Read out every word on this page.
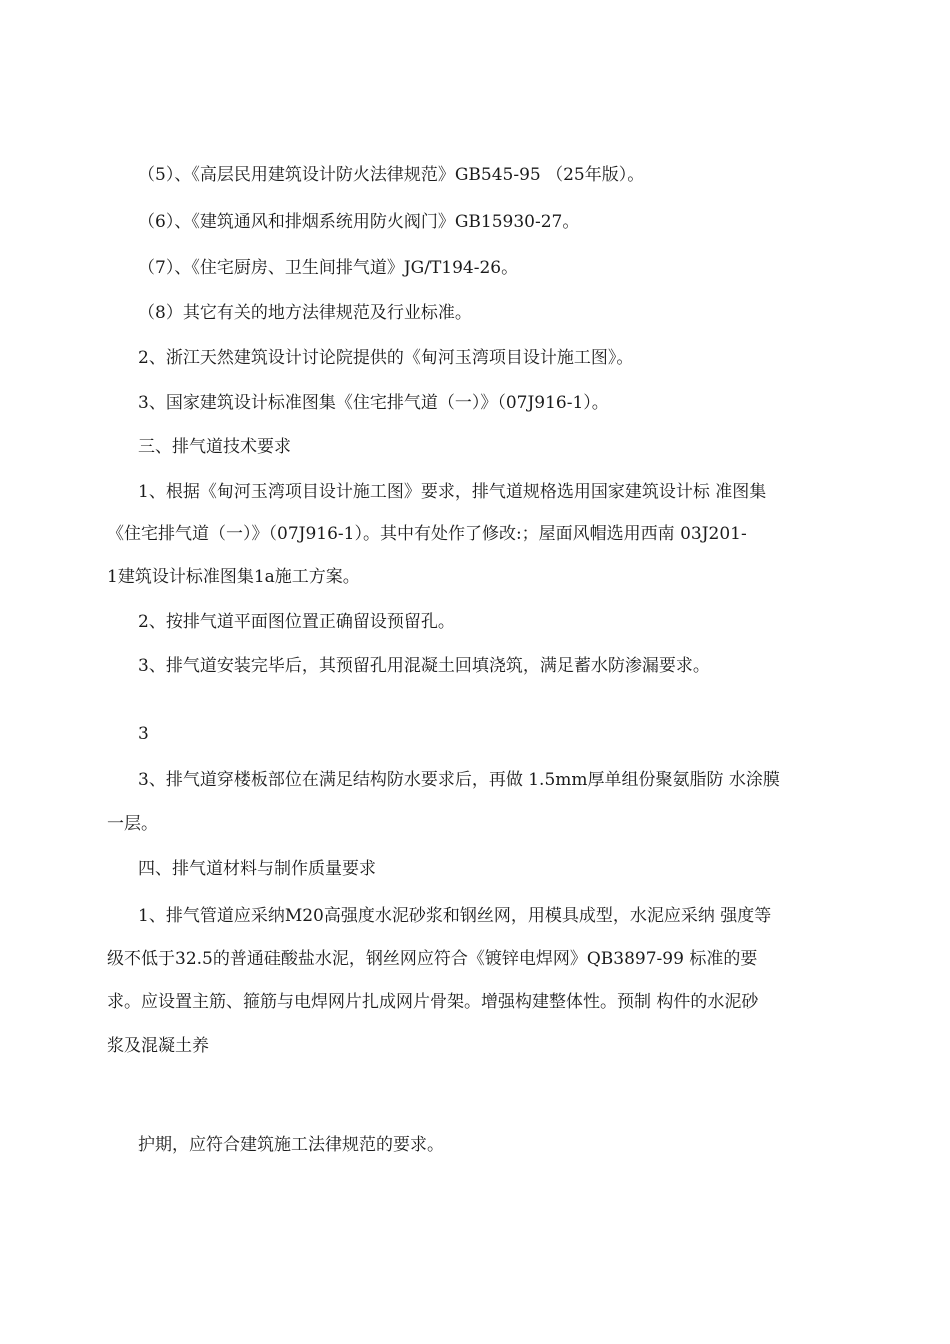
（5）、《高层民用建筑设计防火法律规范》GB545-95 （25年版）。
（6）、《建筑通风和排烟系统用防火阀门》GB15930-27。
（7）、《住宅厨房、卫生间排气道》JG/T194-26。
（8）其它有关的地方法律规范及行业标准。
2、浙江天然建筑设计讨论院提供的《甸河玉湾项目设计施工图》。
3、国家建筑设计标准图集《住宅排气道（一）》（07J916-1）。
三、排气道技术要求
1、根据《甸河玉湾项目设计施工图》要求，排气道规格选用国家建筑设计标 准图集
《住宅排气道（一）》（07J916-1）。其中有处作了修改:；屋面风帽选用西南 03J201-
1建筑设计标准图集1a施工方案。
2、按排气道平面图位置正确留设预留孔。
3、排气道安装完毕后，其预留孔用混凝土回填浇筑，满足蓄水防渗漏要求。
3
3、排气道穿楼板部位在满足结构防水要求后，再做 1.5mm厚单组份聚氨脂防 水涂膜
一层。
四、排气道材料与制作质量要求
1、排气管道应采纳M20高强度水泥砂浆和钢丝网，用模具成型，水泥应采纳 强度等
级不低于32.5的普通硅酸盐水泥，钢丝网应符合《镀锌电焊网》QB3897-99 标准的要
求。应设置主筋、箍筋与电焊网片扎成网片骨架。增强构建整体性。预制 构件的水泥砂
浆及混凝土养
护期，应符合建筑施工法律规范的要求。
